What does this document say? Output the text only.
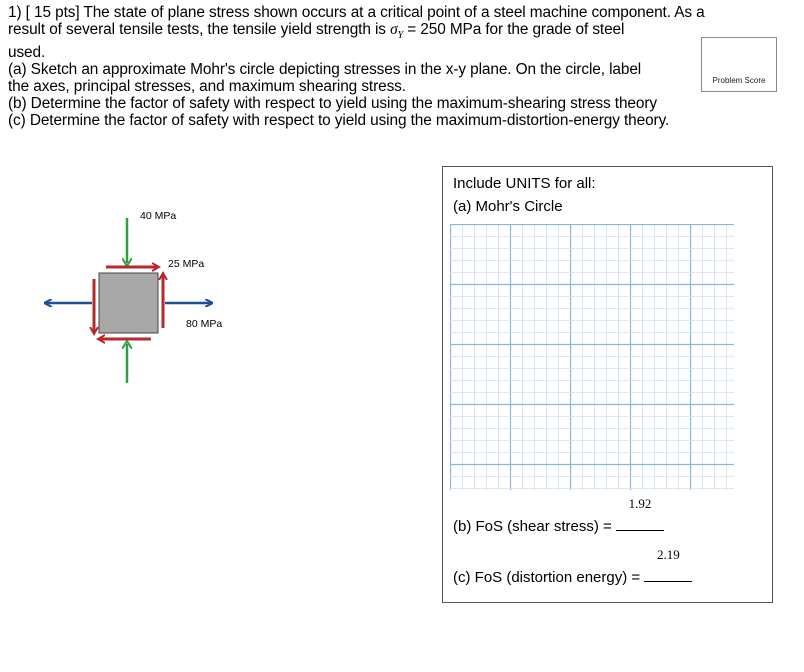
1) [ 15 pts] The state of plane stress shown occurs at a critical point of a steel machine component. As a
result of several tensile tests, the tensile yield strength is $\sigma_Y = 250$ MPa for the grade of steel
used.
(a) Sketch an approximate Mohr's circle depicting stresses in the x-y plane. On the circle, label
the axes, principal stresses, and maximum shearing stress.
(b) Determine the factor of safety with respect to yield using the maximum-shearing stress theory
(c) Determine the factor of safety with respect to yield using the maximum-distortion-energy theory.
Problem Score
40 MPa
25 MPa
80 MPa
Include UNITS for all:
(a) Mohr's Circle
(b) FoS (shear stress) =
1.92
(c) FoS (distortion energy) =
2.19
